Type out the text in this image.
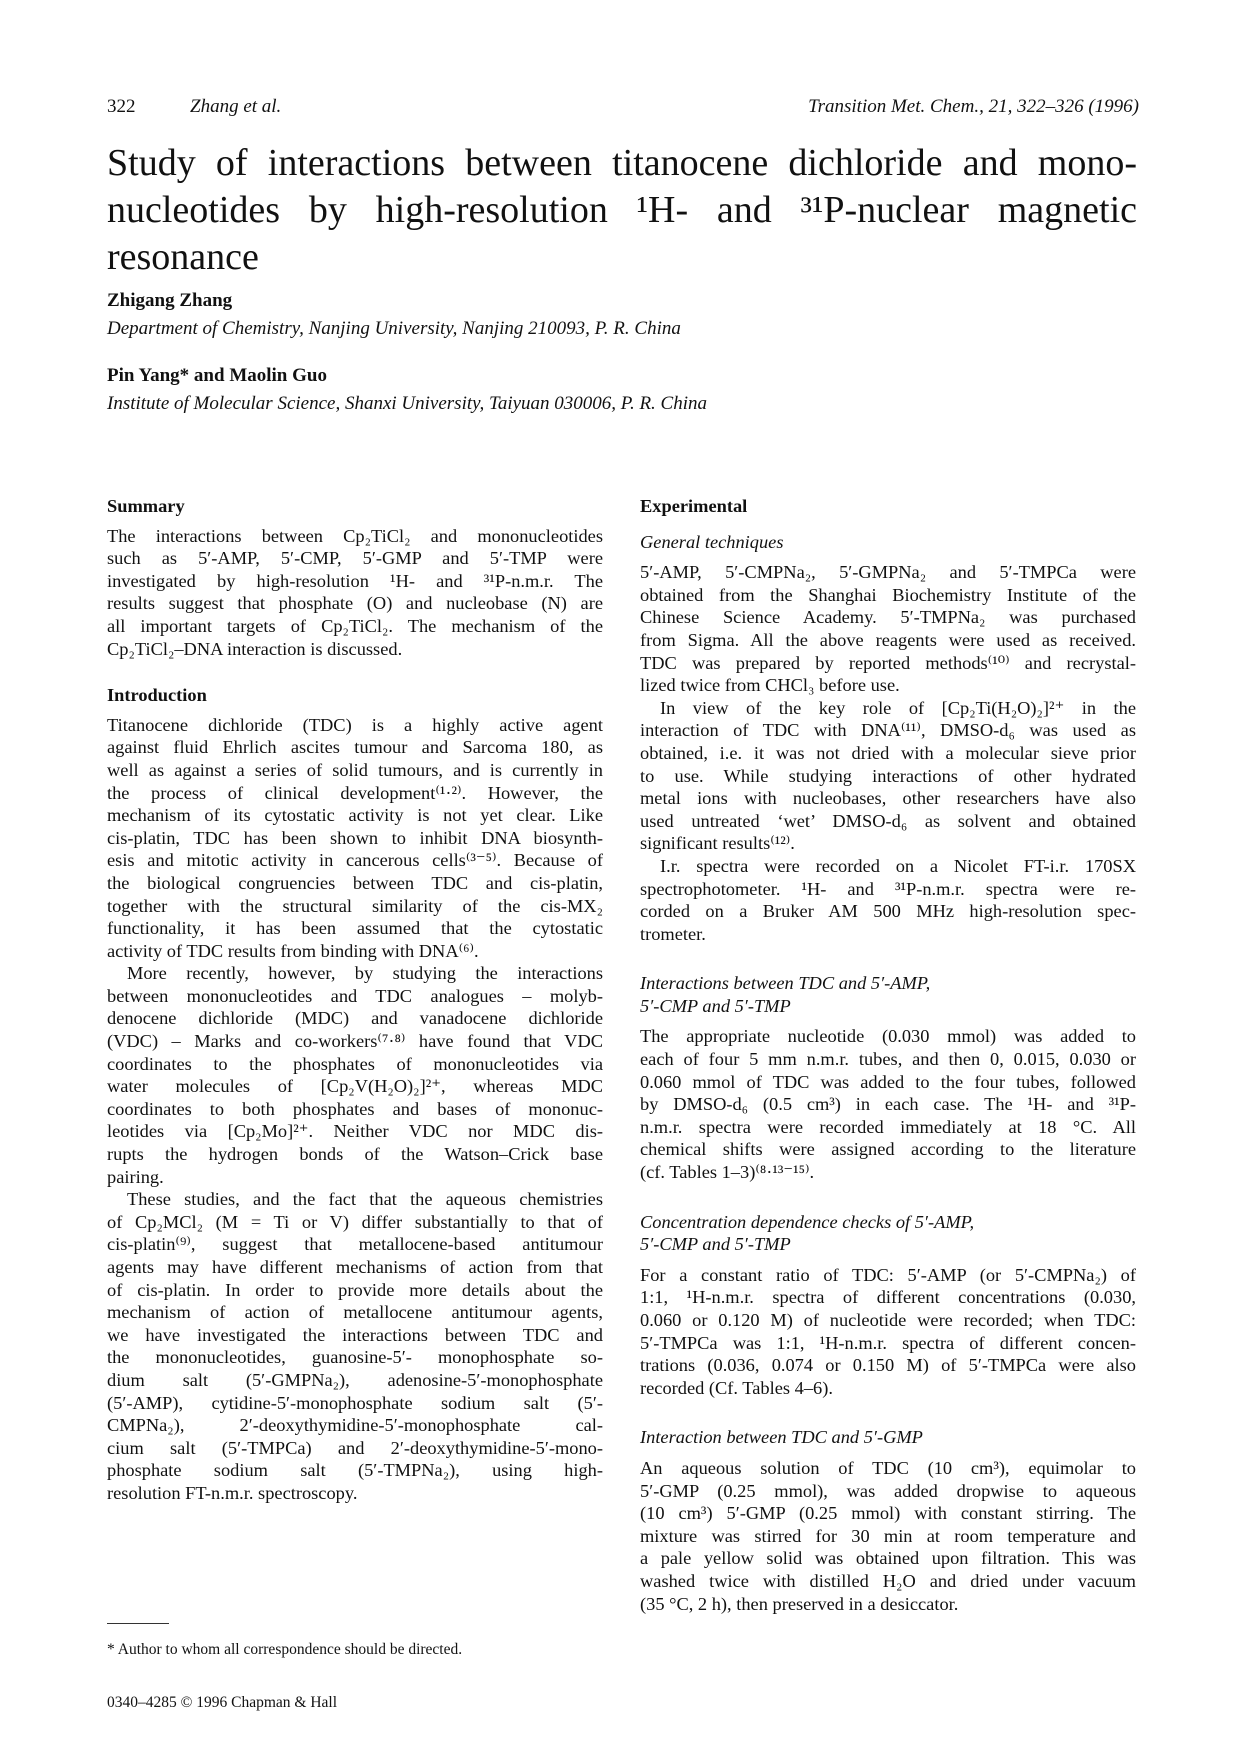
322	Zhang et al.	Transition Met. Chem., 21, 322–326 (1996)
Study of interactions between titanocene dichloride and mono-
nucleotides by high-resolution ¹H- and ³¹P-nuclear magnetic
resonance
Zhigang Zhang
Department of Chemistry, Nanjing University, Nanjing 210093, P. R. China
Pin Yang* and Maolin Guo
Institute of Molecular Science, Shanxi University, Taiyuan 030006, P. R. China
Summary
The interactions between Cp₂TiCl₂ and mononucleotides
such as 5′-AMP, 5′-CMP, 5′-GMP and 5′-TMP were
investigated by high-resolution ¹H- and ³¹P-n.m.r. The
results suggest that phosphate (O) and nucleobase (N) are
all important targets of Cp₂TiCl₂. The mechanism of the
Cp₂TiCl₂–DNA interaction is discussed.
Introduction
Titanocene dichloride (TDC) is a highly active agent
against fluid Ehrlich ascites tumour and Sarcoma 180, as
well as against a series of solid tumours, and is currently in
the process of clinical development⁽¹·²⁾. However, the
mechanism of its cytostatic activity is not yet clear. Like
cis-platin, TDC has been shown to inhibit DNA biosynth-
esis and mitotic activity in cancerous cells⁽³⁻⁵⁾. Because of
the biological congruencies between TDC and cis-platin,
together with the structural similarity of the cis-MX₂
functionality, it has been assumed that the cytostatic
activity of TDC results from binding with DNA⁽⁶⁾.
More recently, however, by studying the interactions
between mononucleotides and TDC analogues – molyb-
denocene dichloride (MDC) and vanadocene dichloride
(VDC) – Marks and co-workers⁽⁷·⁸⁾ have found that VDC
coordinates to the phosphates of mononucleotides via
water molecules of [Cp₂V(H₂O)₂]²⁺, whereas MDC
coordinates to both phosphates and bases of mononuc-
leotides via [Cp₂Mo]²⁺. Neither VDC nor MDC dis-
rupts the hydrogen bonds of the Watson–Crick base
pairing.
These studies, and the fact that the aqueous chemistries
of Cp₂MCl₂ (M = Ti or V) differ substantially to that of
cis-platin⁽⁹⁾, suggest that metallocene-based antitumour
agents may have different mechanisms of action from that
of cis-platin. In order to provide more details about the
mechanism of action of metallocene antitumour agents,
we have investigated the interactions between TDC and
the mononucleotides, guanosine-5′- monophosphate so-
dium salt (5′-GMPNa₂), adenosine-5′-monophosphate
(5′-AMP), cytidine-5′-monophosphate sodium salt (5′-
CMPNa₂), 2′-deoxythymidine-5′-monophosphate cal-
cium salt (5′-TMPCa) and 2′-deoxythymidine-5′-mono-
phosphate sodium salt (5′-TMPNa₂), using high-
resolution FT-n.m.r. spectroscopy.
Experimental
General techniques
5′-AMP, 5′-CMPNa₂, 5′-GMPNa₂ and 5′-TMPCa were
obtained from the Shanghai Biochemistry Institute of the
Chinese Science Academy. 5′-TMPNa₂ was purchased
from Sigma. All the above reagents were used as received.
TDC was prepared by reported methods⁽¹⁰⁾ and recrystal-
lized twice from CHCl₃ before use.
In view of the key role of [Cp₂Ti(H₂O)₂]²⁺ in the
interaction of TDC with DNA⁽¹¹⁾, DMSO-d₆ was used as
obtained, i.e. it was not dried with a molecular sieve prior
to use. While studying interactions of other hydrated
metal ions with nucleobases, other researchers have also
used untreated ‘wet’ DMSO-d₆ as solvent and obtained
significant results⁽¹²⁾.
I.r. spectra were recorded on a Nicolet FT-i.r. 170SX
spectrophotometer. ¹H- and ³¹P-n.m.r. spectra were re-
corded on a Bruker AM 500 MHz high-resolution spec-
trometer.
Interactions between TDC and 5′-AMP,
5′-CMP and 5′-TMP
The appropriate nucleotide (0.030 mmol) was added to
each of four 5 mm n.m.r. tubes, and then 0, 0.015, 0.030 or
0.060 mmol of TDC was added to the four tubes, followed
by DMSO-d₆ (0.5 cm³) in each case. The ¹H- and ³¹P-
n.m.r. spectra were recorded immediately at 18 °C. All
chemical shifts were assigned according to the literature
(cf. Tables 1–3)⁽⁸·¹³⁻¹⁵⁾.
Concentration dependence checks of 5′-AMP,
5′-CMP and 5′-TMP
For a constant ratio of TDC: 5′-AMP (or 5′-CMPNa₂) of
1:1, ¹H-n.m.r. spectra of different concentrations (0.030,
0.060 or 0.120 M) of nucleotide were recorded; when TDC:
5′-TMPCa was 1:1, ¹H-n.m.r. spectra of different concen-
trations (0.036, 0.074 or 0.150 M) of 5′-TMPCa were also
recorded (Cf. Tables 4–6).
Interaction between TDC and 5′-GMP
An aqueous solution of TDC (10 cm³), equimolar to
5′-GMP (0.25 mmol), was added dropwise to aqueous
(10 cm³) 5′-GMP (0.25 mmol) with constant stirring. The
mixture was stirred for 30 min at room temperature and
a pale yellow solid was obtained upon filtration. This was
washed twice with distilled H₂O and dried under vacuum
(35 °C, 2 h), then preserved in a desiccator.
* Author to whom all correspondence should be directed.
0340–4285 © 1996 Chapman & Hall
